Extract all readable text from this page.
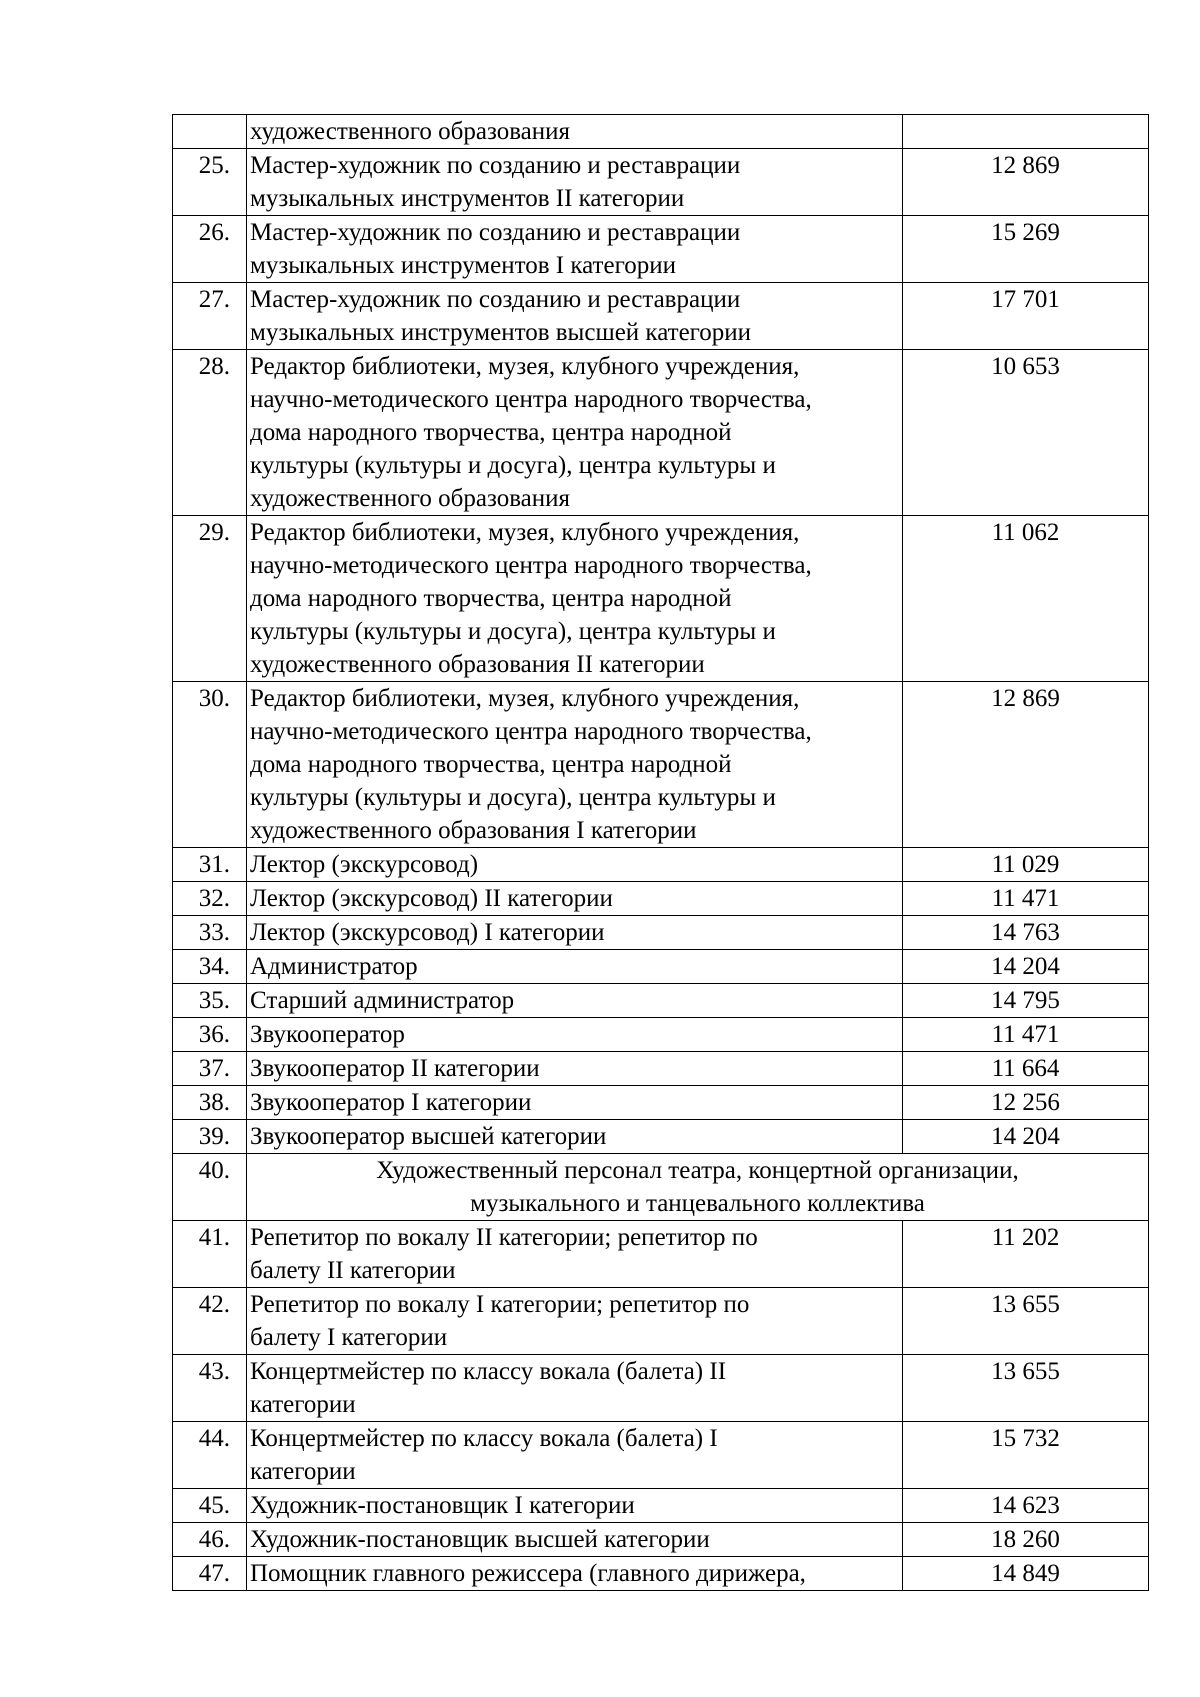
	художественного образования	

25.	Мастер-художник по созданию и реставрации
музыкальных инструментов II категории	12 869
26.	Мастер-художник по созданию и реставрации
музыкальных инструментов I категории	15 269
27.	Мастер-художник по созданию и реставрации
музыкальных инструментов высшей категории	17 701
28.	Редактор библиотеки, музея, клубного учреждения,
научно-методического центра народного творчества,
дома народного творчества, центра народной
культуры (культуры и досуга), центра культуры и
художественного образования	10 653
29.	Редактор библиотеки, музея, клубного учреждения,
научно-методического центра народного творчества,
дома народного творчества, центра народной
культуры (культуры и досуга), центра культуры и
художественного образования II категории	11 062
30.	Редактор библиотеки, музея, клубного учреждения,
научно-методического центра народного творчества,
дома народного творчества, центра народной
культуры (культуры и досуга), центра культуры и
художественного образования I категории	12 869
31.	Лектор (экскурсовод)	11 029
32.	Лектор (экскурсовод) II категории	11 471
33.	Лектор (экскурсовод) I категории	14 763
34.	Администратор	14 204
35.	Старший администратор	14 795
36.	Звукооператор	11 471
37.	Звукооператор II категории	11 664
38.	Звукооператор I категории	12 256
39.	Звукооператор высшей категории	14 204
40.	Художественный персонал театра, концертной организации,
музыкального и танцевального коллектива	

41.	Репетитор по вокалу II категории; репетитор по
балету II категории	11 202
42.	Репетитор по вокалу I категории; репетитор по
балету I категории	13 655
43.	Концертмейстер по классу вокала (балета) II
категории	13 655
44.	Концертмейстер по классу вокала (балета) I
категории	15 732
45.	Художник-постановщик I категории	14 623
46.	Художник-постановщик высшей категории	18 260
47.	Помощник главного режиссера (главного дирижера,	14 849
